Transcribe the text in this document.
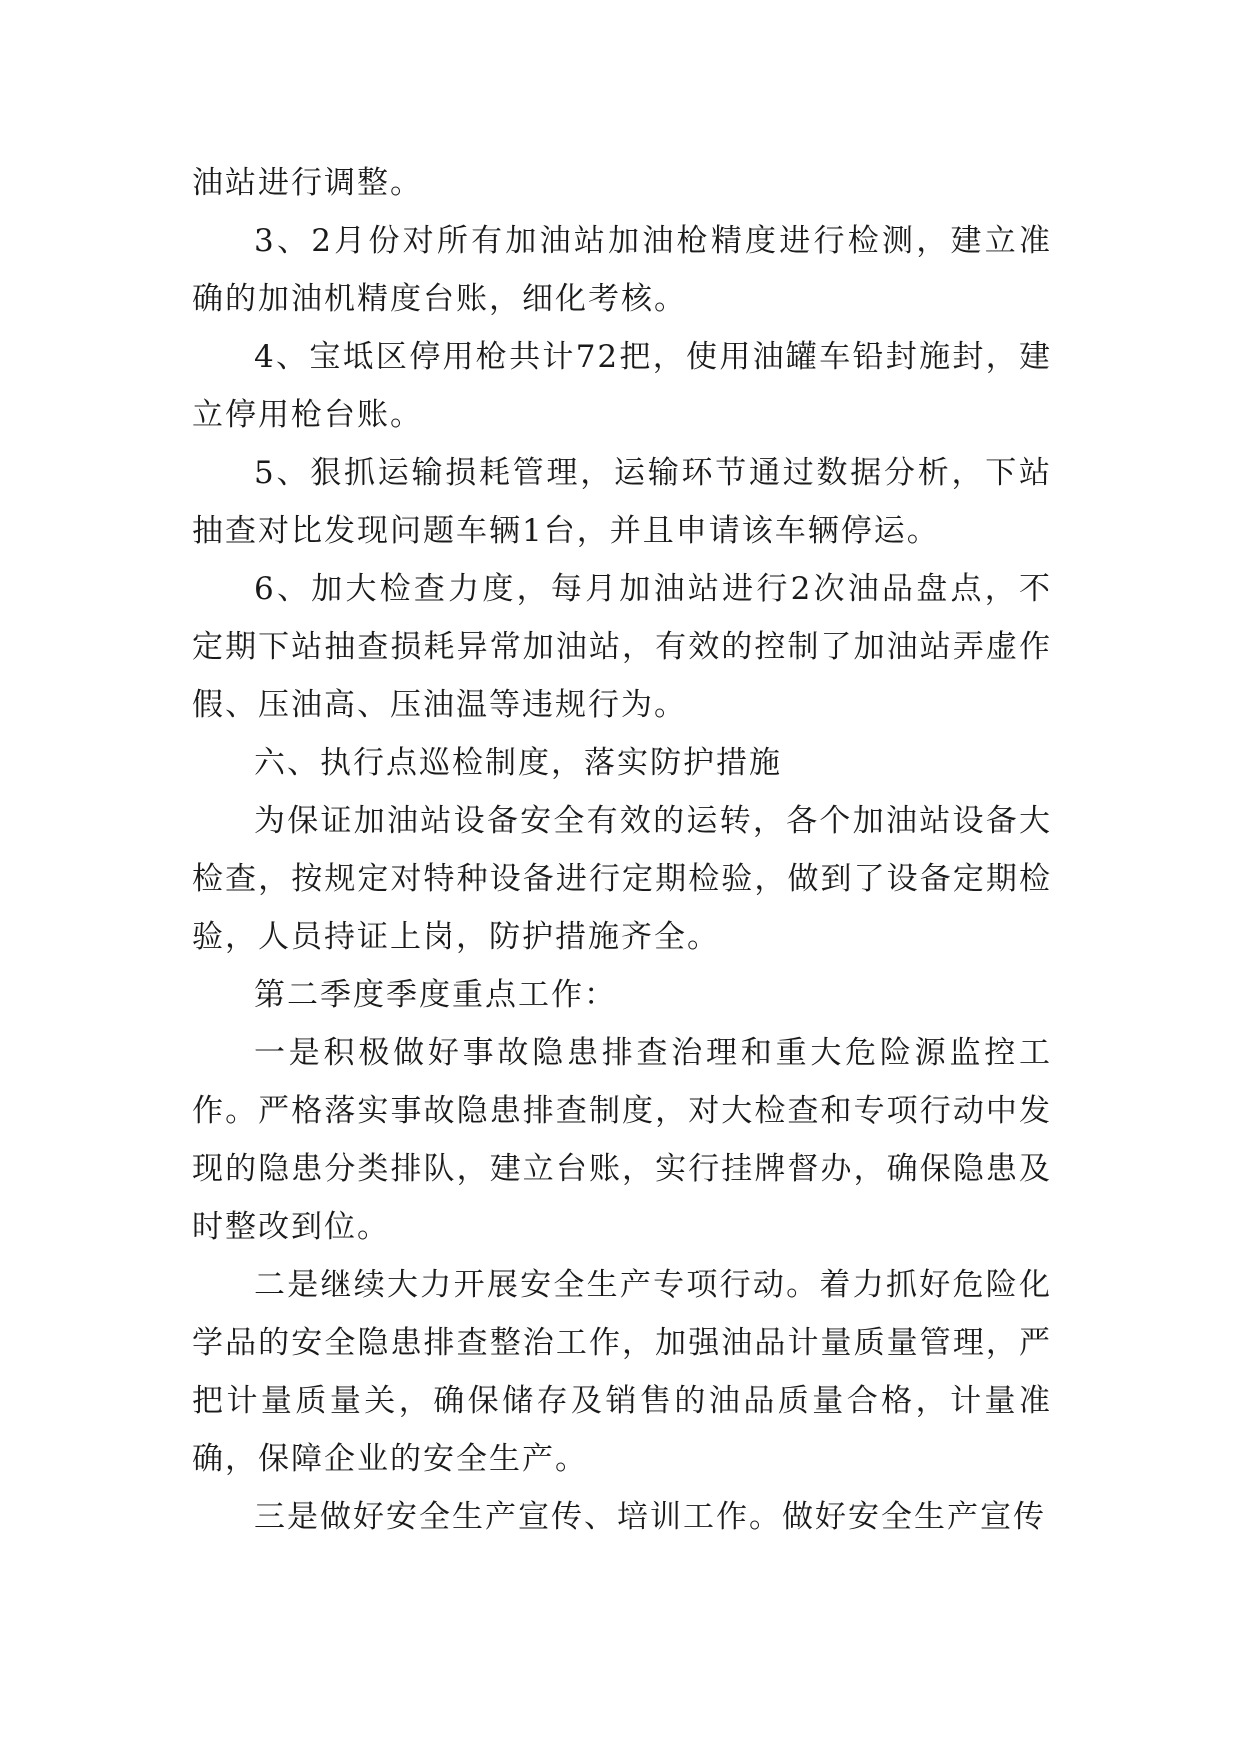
油站进行调整。

3、2月份对所有加油站加油枪精度进行检测，建立准确的加油机精度台账，细化考核。

4、宝坻区停用枪共计72把，使用油罐车铅封施封，建立停用枪台账。

5、狠抓运输损耗管理，运输环节通过数据分析，下站抽查对比发现问题车辆1台，并且申请该车辆停运。

6、加大检查力度，每月加油站进行2次油品盘点，不定期下站抽查损耗异常加油站，有效的控制了加油站弄虚作假、压油高、压油温等违规行为。

六、执行点巡检制度，落实防护措施

为保证加油站设备安全有效的运转，各个加油站设备大检查，按规定对特种设备进行定期检验，做到了设备定期检验，人员持证上岗，防护措施齐全。

第二季度季度重点工作：

一是积极做好事故隐患排查治理和重大危险源监控工作。严格落实事故隐患排查制度，对大检查和专项行动中发现的隐患分类排队，建立台账，实行挂牌督办，确保隐患及时整改到位。

二是继续大力开展安全生产专项行动。着力抓好危险化学品的安全隐患排查整治工作，加强油品计量质量管理，严把计量质量关，确保储存及销售的油品质量合格，计量准确，保障企业的安全生产。

三是做好安全生产宣传、培训工作。做好安全生产宣传
